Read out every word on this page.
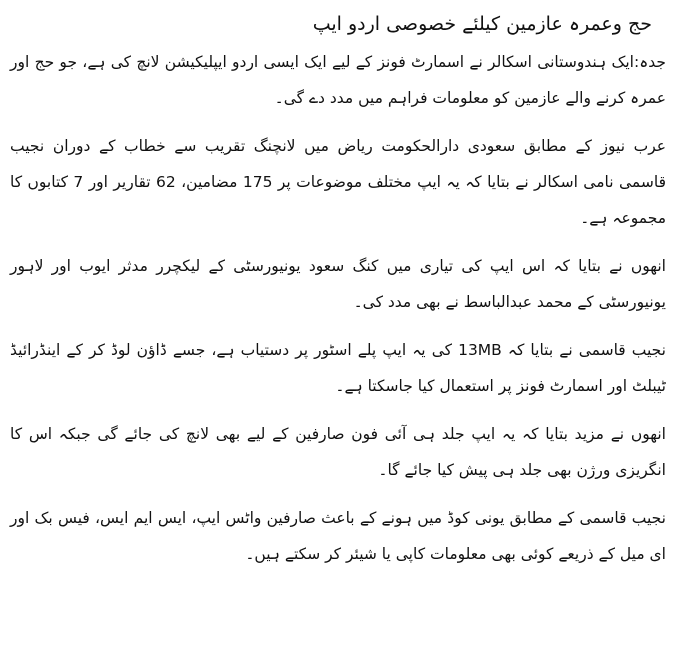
حج وعمرہ عازمین کیلئے خصوصی اردو ایپ

جدہ:ایک ہندوستانی اسکالر نے اسمارٹ فونز کے لیے ایک ایسی اردو ایپلیکیشن لانچ کی ہے، جو حج اور عمرہ کرنے والے عازمین کو معلومات فراہم میں مدد دے گی۔

عرب نیوز کے مطابق سعودی دارالحکومت ریاض میں لانچنگ تقریب سے خطاب کے دوران نجیب قاسمی نامی اسکالر نے بتایا کہ یہ ایپ مختلف موضوعات پر 175 مضامین، 62 تقاریر اور 7 کتابوں کا مجموعہ ہے۔

انھوں نے بتایا کہ اس ایپ کی تیاری میں کنگ سعود یونیورسٹی کے لیکچرر مدثر ایوب اور لاہور یونیورسٹی کے محمد عبدالباسط نے بھی مدد کی۔

نجیب قاسمی نے بتایا کہ 13MB کی یہ ایپ پلے اسٹور پر دستیاب ہے، جسے ڈاؤن لوڈ کر کے اینڈرائیڈ ٹیبلٹ اور اسمارٹ فونز پر استعمال کیا جاسکتا ہے۔

انھوں نے مزید بتایا کہ یہ ایپ جلد ہی آئی فون صارفین کے لیے بھی لانچ کی جائے گی جبکہ اس کا انگریزی ورژن بھی جلد ہی پیش کیا جائے گا۔

نجیب قاسمی کے مطابق یونی کوڈ میں ہونے کے باعث صارفین واٹس ایپ، ایس ایم ایس، فیس بک اور ای میل کے ذریعے کوئی بھی معلومات کاپی یا شیئر کر سکتے ہیں۔
